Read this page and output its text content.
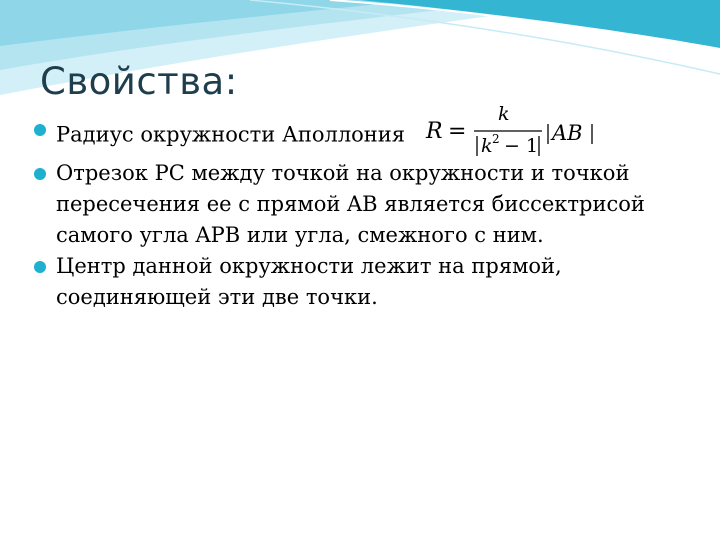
Свойства:
Радиус окружности Аполлония R =
k
k 2 − 1
AB
Отрезок PC между точкой на окружности и точкой пересечения ее с прямой AB является биссектрисой самого угла APB или угла, смежного с ним.
Центр данной окружности лежит на прямой, соединяющей эти две точки.
